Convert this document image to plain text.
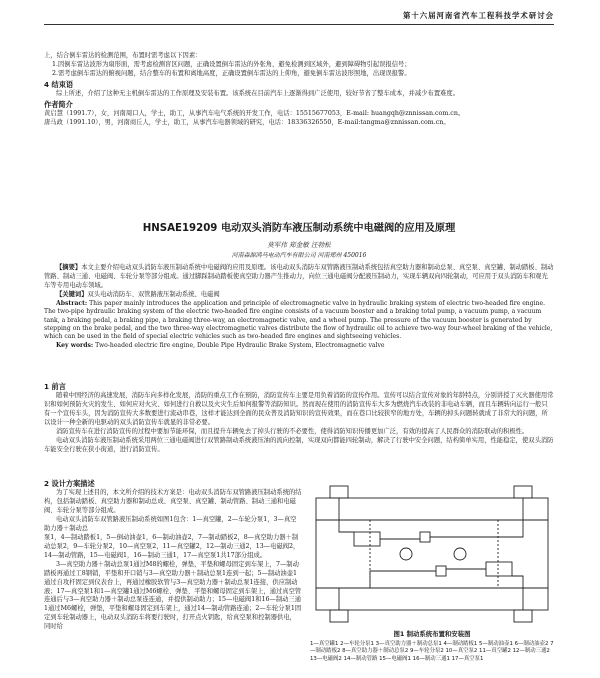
第十六届河南省汽车工程科技学术研讨会

上，结合倒车雷达的检测范围，布置时需考虑以下因素：

1.因倒车雷达波形为扇形面，需考虑检测盲区问题，正确设置倒车雷达的外张角，避免检测到区域外，避到障碍物引起误报信号；

2.需考虑倒车雷达的俯视问题，结合整车的布置和离地高度，正确设置倒车雷达的上仰角，避免倒车雷达波形照地，出现误报警。

4 结束语

综上所述，介绍了这种无主机倒车雷达的工作原理及安装布置。该系统在目前汽车上逐渐得到广泛使用，较好节省了整车成本，并减少布置难度。

作者简介

黄启慧（1991.7），女，河南周口人，学士，助工，从事汽车电气系统的开发工作，电话：15515677053，E-mail: huangqh@znnissan.com.cn。

唐马政（1991.10），男，河南商丘人，学士，助工，从事汽车电器领域的研究，电话：18336326550，E-mail:tangma@znnissan.com.cn。

HNSAE19209 电动双头消防车液压制动系统中电磁阀的应用及原理
莫军伟 郑金敏 汪勃松
河南森源鸿马电动汽车有限公司 河南郑州 450016

【摘要】本文主要介绍电动双头消防车液压制动系统中电磁阀的应用及原理。该电动双头消防车双管路液压制动系统包括真空助力器和制动总泵、真空泵、真空罐、制动踏板、制动管路、制动三通、电磁阀、车轮分泵等部分组成。通过脚踩制动踏板使真空助力器产生推动力，向位三通电磁阀分配液压制动力，实现车辆双向四轮制动，可应用于双头消防车和观光车等专用电动车领域。

【关键词】双头电动消防车、双管路液压制动系统、电磁阀

Abstract: This paper mainly introduces the application and principle of electromagnetic valve in hydraulic braking system of electric two-headed fire engine. The two-pipe hydraulic braking system of the electric two-headed fire engine consists of a vacuum booster and a braking total pump, a vacuum pump, a vacuum tank, a braking pedal, a braking pipe, a braking three-way, an electromagnetic valve, and a wheel pump. The pressure of the vacuum booster is generated by stepping on the brake pedal, and the two three-way electromagnetic valves distribute the flow of hydraulic oil to achieve two-way four-wheel braking of the vehicle, which can be used in the field of special electric vehicles such as two-headed fire engines and sightseeing vehicles.

Key words: Two-headed electric fire engine, Double Pipe Hydraulic Brake System, Electromagnetic valve

1 前言

随着中国经济的高速发展，消防车向多样化发展，消防的重点工作在预防，消防宣传车主要是用负着消防的宣传作用。宣传可以结合宣传对象的年龄特点，分别讲授了灭火器使用常识和如何预防火灾的发生、如何应对火灾、如何进行自救以及火灾生后如何报警等消防知识。然而现在使用的消防宣传车大多为燃烧汽车改装的非电动车辆，而且车辆转向运行一般只有一个宣传车头，因为消防宣传大多数要进行流动串巷，这样才能达到全面的民众普及消防知识的宣传效果，而在巷口比较狭窄的地方处，车辆的掉头问题转就成了非常大的问题，所以设计一种全新的电驱动的双头消防宣传车就显的非常必要。

消防宣传车在进行消防宣传的过程中要加节能环保，而且提升车辆免去了掉头行驶的不必要性，使得消防知识传播更加广泛，有效的提高了人民群众的消防联动的积极性。

电动双头消防车液压制动系统采用两位三通电磁阀进行双管路制动系统液压油的流向控制，实现双向都能四轮制动，解决了行驶中安全问题，结构简单实用，性能稳定，使双头消防车能安全行驶在狭小街道，进行消防宣传。

2 设计方案描述

为了实现上述目的，本文所介绍的技术方案是：电动双头消防车双管路液压制动系统的结构，包括制动踏板、真空助力器和制动总成、真空泵、真空罐、制动管路、制动三通和电磁阀、车轮分泵等部分组成。

电动双头消防车双管路液压制动系统如图1包含：1—真空罐，2—车轮分泵1，3—真空助力器＋制动总

泵1，4—制动踏板1，5—倒动油壶1，6—制动油壶2，7—制动踏板2，8—真空助力器＋制动总泵2，9—车轮分泵2，10—真空泵2，11—真空罐2，12—制动三通2，13—电磁阀2，14—制动管路，15—电磁阀1，16—制动三通1，17—真空泵1共17部分组成。

3—真空助力器＋制动总泵1通过M8的螺栓，弹垫，平垫和螺母固定到车架上，7—制动踏板再通过工8钢销，平垫和开口销与3—真空助力器＋制动总泵1连到一起；5—制动油壶1通过自攻杆固定到仪表台上，再通过橡胶软管与3—真空助力器＋制动总泵1连接，供应制动液；17—真空泵1和1—真空罐1通过M6螺栓、弹垫、平垫和螺母固定到车架上，通过真空管连通后与3—真空助力器＋制动总泵连连通，并提供制动助力；15—电磁阀1和16—制动三通1通过M6螺栓，弹垫，平垫和螺母固定到车架上，通过14—制动管路连通；2—车轮分泵1固定到车轮制动器上，电动双头消防车将要行驶时，打开点火钥匙，给真空泵和控制器供电，同时给

图1 制动系统布置和安装图
1—真空罐1 2—车轮分泵1 3—真空助力器＋制动总泵1 4—制动踏板1 5—制动油壶1 6—制动油壶2 7—制动踏板2 8—真空助力器＋制动总泵2 9—车轮分泵2 10—真空泵2 11—真空罐2 12—制动三通2 13—电磁阀2 14—制动管路 15—电磁阀1 16—制动三通1 17—真空泵1
